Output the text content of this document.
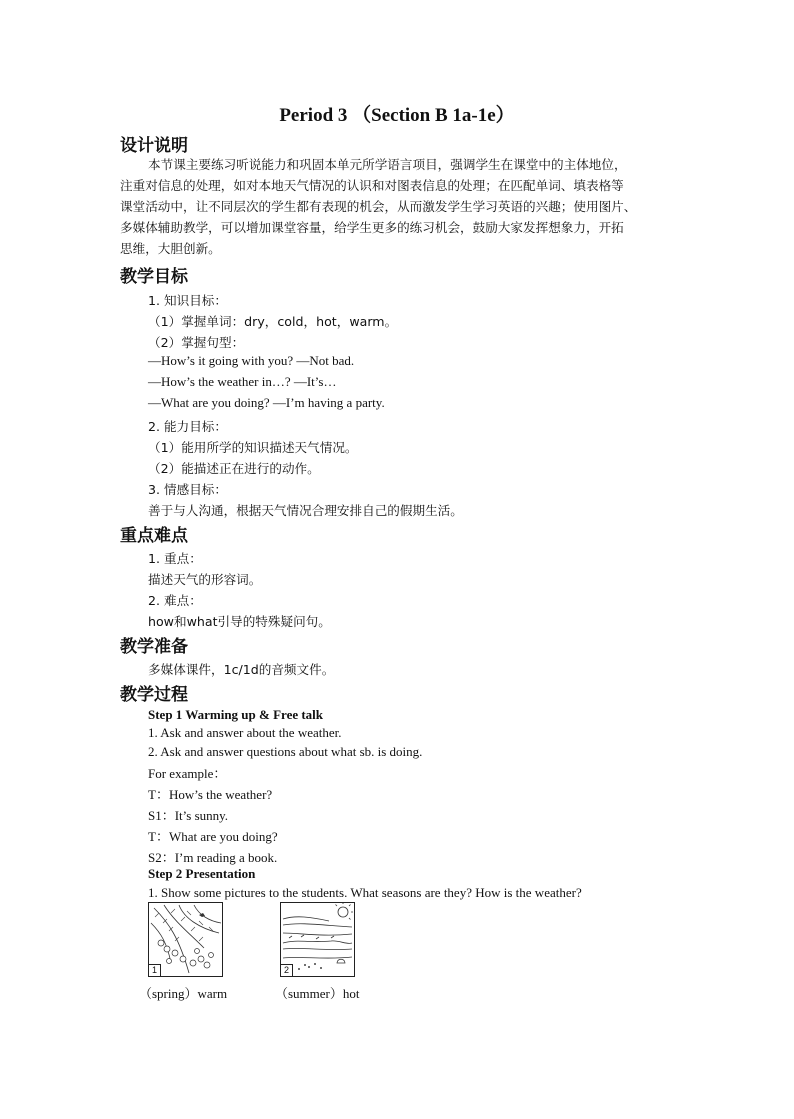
Period 3 （Section B 1a-1e）
设计说明
本节课主要练习听说能力和巩固本单元所学语言项目，强调学生在课堂中的主体地位，
注重对信息的处理，如对本地天气情况的认识和对图表信息的处理；在匹配单词、填表格等
课堂活动中，让不同层次的学生都有表现的机会，从而激发学生学习英语的兴趣；使用图片、
多媒体辅助教学，可以增加课堂容量，给学生更多的练习机会，鼓励大家发挥想象力，开拓
思维，大胆创新。
教学目标
1. 知识目标：
（1）掌握单词：dry，cold，hot，warm。
（2）掌握句型：
—How’s it going with you? —Not bad.
—How’s the weather in…? —It’s…
—What are you doing? —I’m having a party.
2. 能力目标：
（1）能用所学的知识描述天气情况。
（2）能描述正在进行的动作。
3. 情感目标：
善于与人沟通，根据天气情况合理安排自己的假期生活。
重点难点
1. 重点：
描述天气的形容词。
2. 难点：
how和what引导的特殊疑问句。
教学准备
多媒体课件，1c/1d的音频文件。
教学过程
Step 1 Warming up & Free talk
1. Ask and answer about the weather.
2. Ask and answer questions about what sb. is doing.
For example：
T：How’s the weather?
S1：It’s sunny.
T：What are you doing?
S2：I’m reading a book.
Step 2 Presentation
1. Show some pictures to the students. What seasons are they? How is the weather?
1
（spring）warm
2
（summer）hot
